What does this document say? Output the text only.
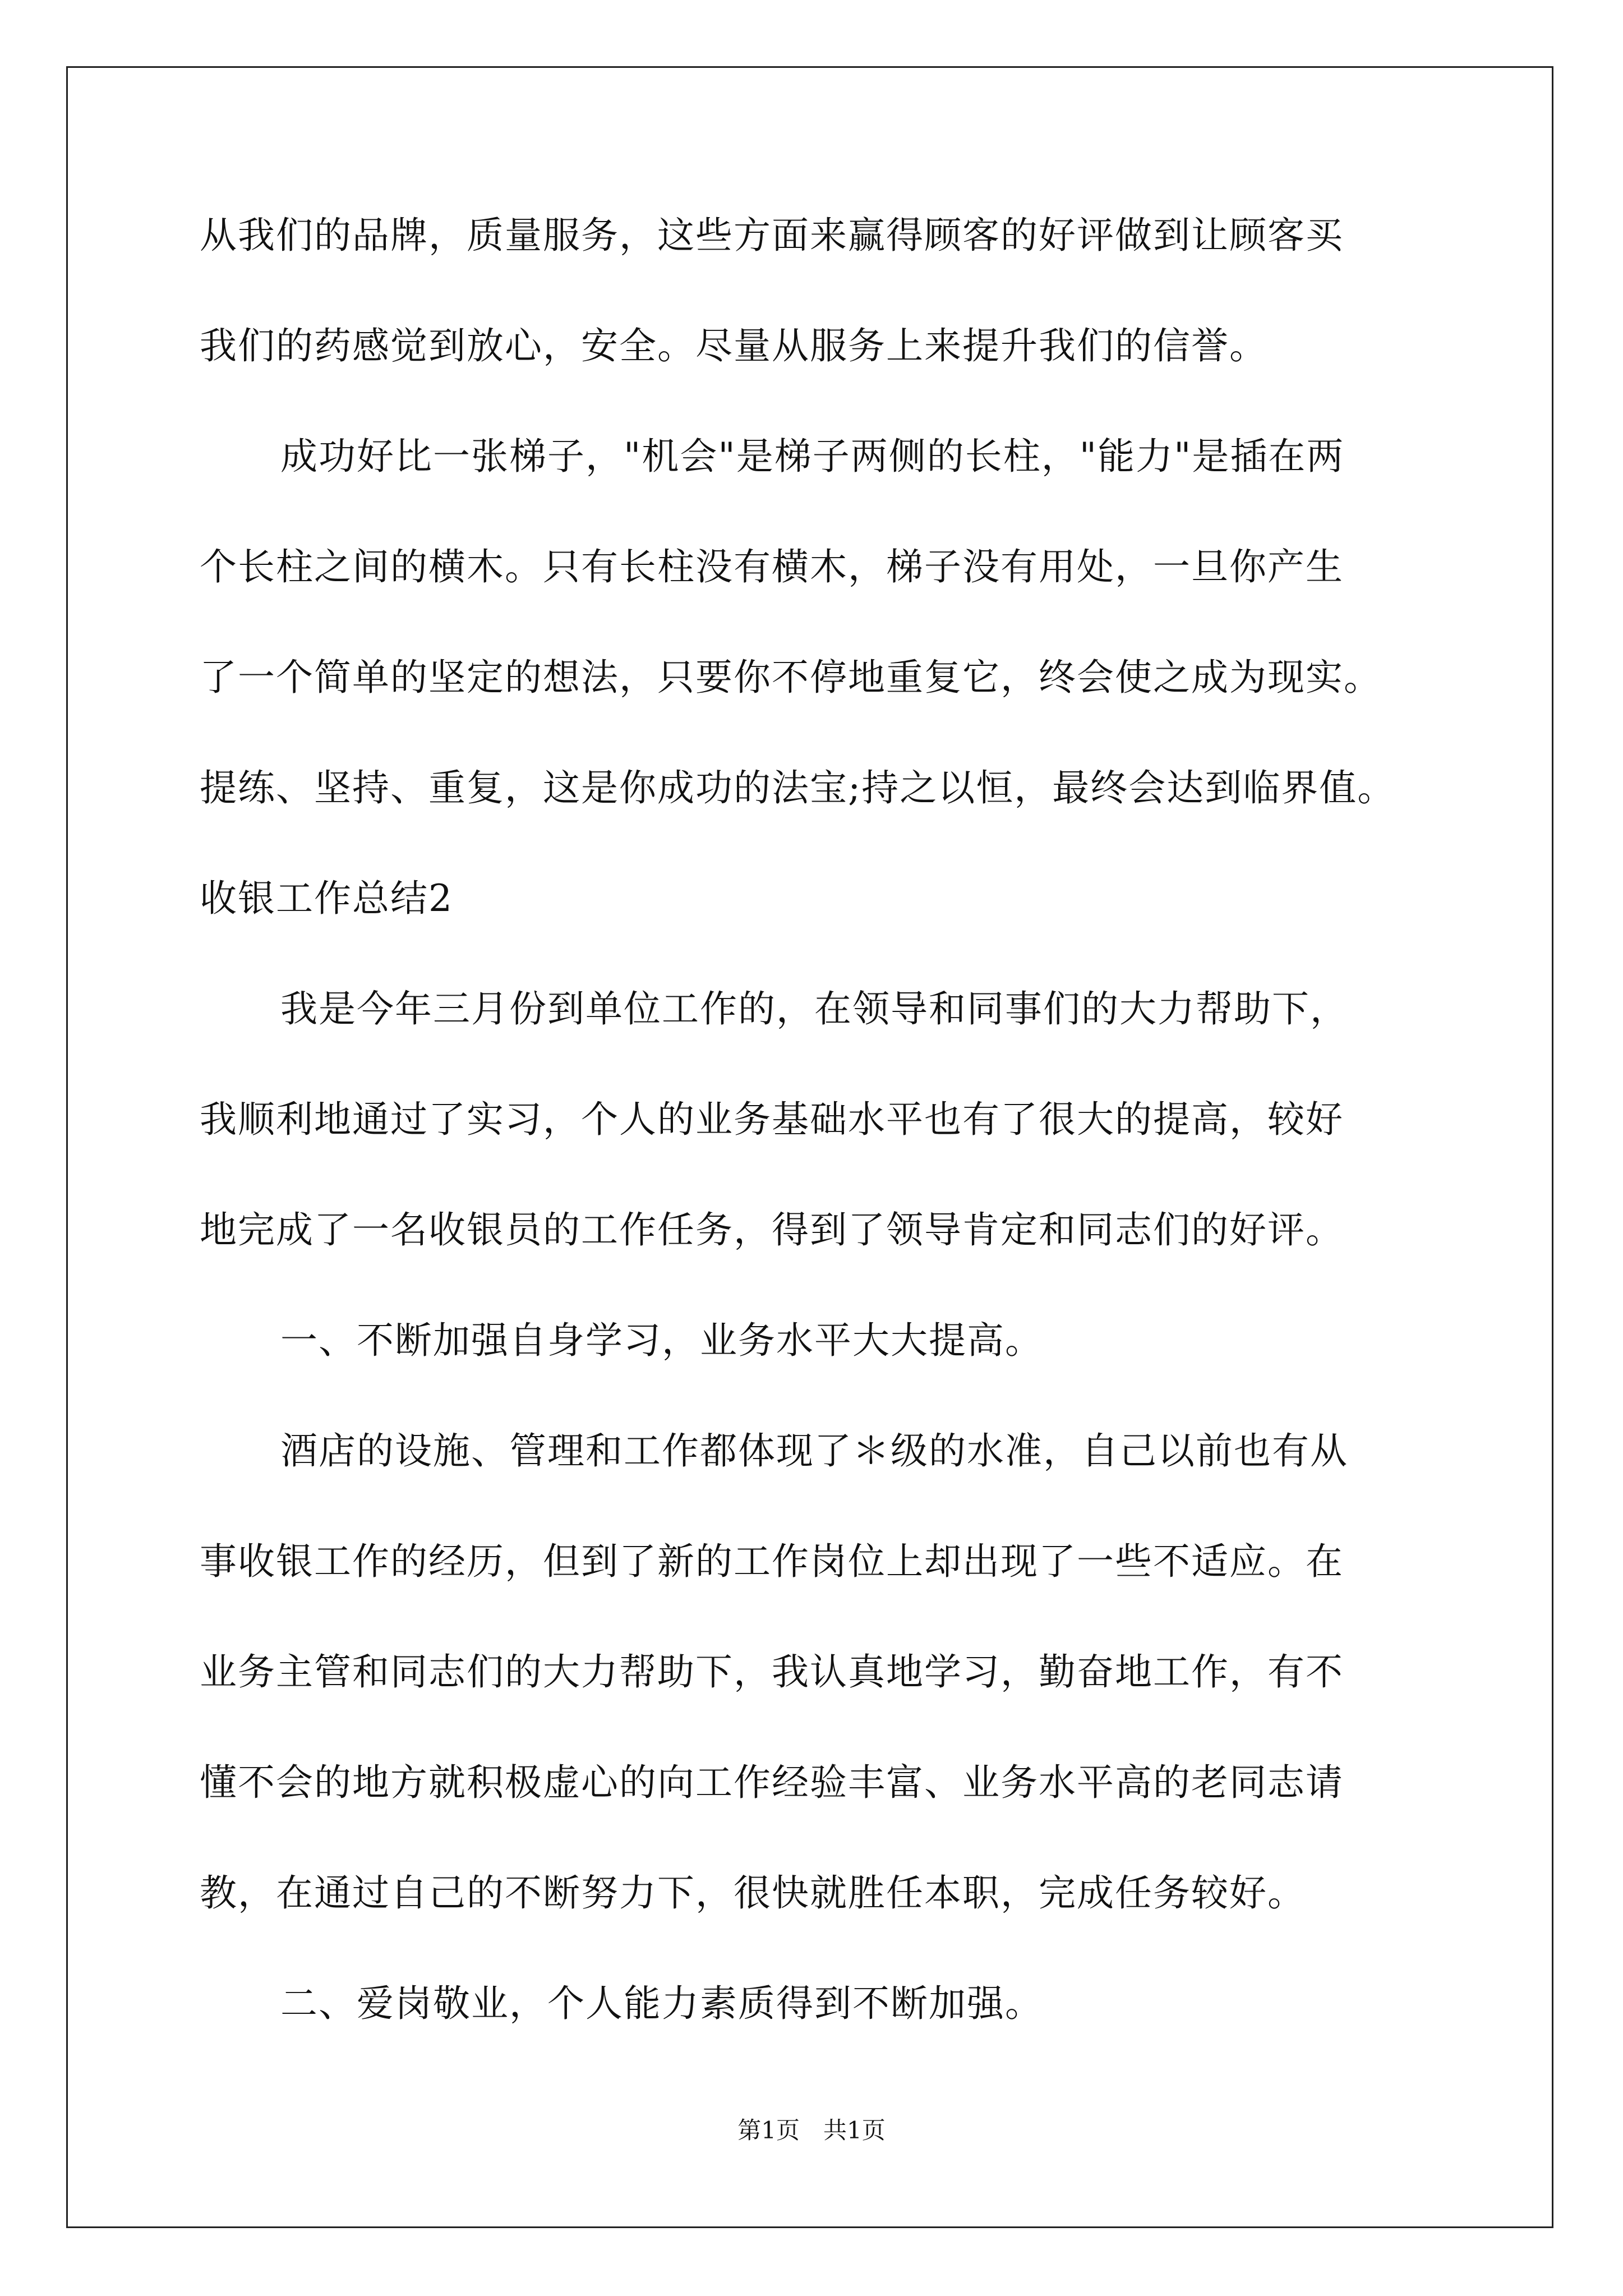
从我们的品牌，质量服务，这些方面来赢得顾客的好评做到让顾客买
我们的药感觉到放心，安全。尽量从服务上来提升我们的信誉。
成功好比一张梯子，"机会"是梯子两侧的长柱，"能力"是插在两
个长柱之间的横木。只有长柱没有横木，梯子没有用处，一旦你产生
了一个简单的坚定的想法，只要你不停地重复它，终会使之成为现实。
提练、坚持、重复，这是你成功的法宝;持之以恒，最终会达到临界值。
收银工作总结2
我是今年三月份到单位工作的，在领导和同事们的大力帮助下，
我顺利地通过了实习，个人的业务基础水平也有了很大的提高，较好
地完成了一名收银员的工作任务，得到了领导肯定和同志们的好评。
一、不断加强自身学习，业务水平大大提高。
酒店的设施、管理和工作都体现了＊级的水准，自己以前也有从
事收银工作的经历，但到了新的工作岗位上却出现了一些不适应。在
业务主管和同志们的大力帮助下，我认真地学习，勤奋地工作，有不
懂不会的地方就积极虚心的向工作经验丰富、业务水平高的老同志请
教，在通过自己的不断努力下，很快就胜任本职，完成任务较好。
二、爱岗敬业，个人能力素质得到不断加强。
第1页　共1页
